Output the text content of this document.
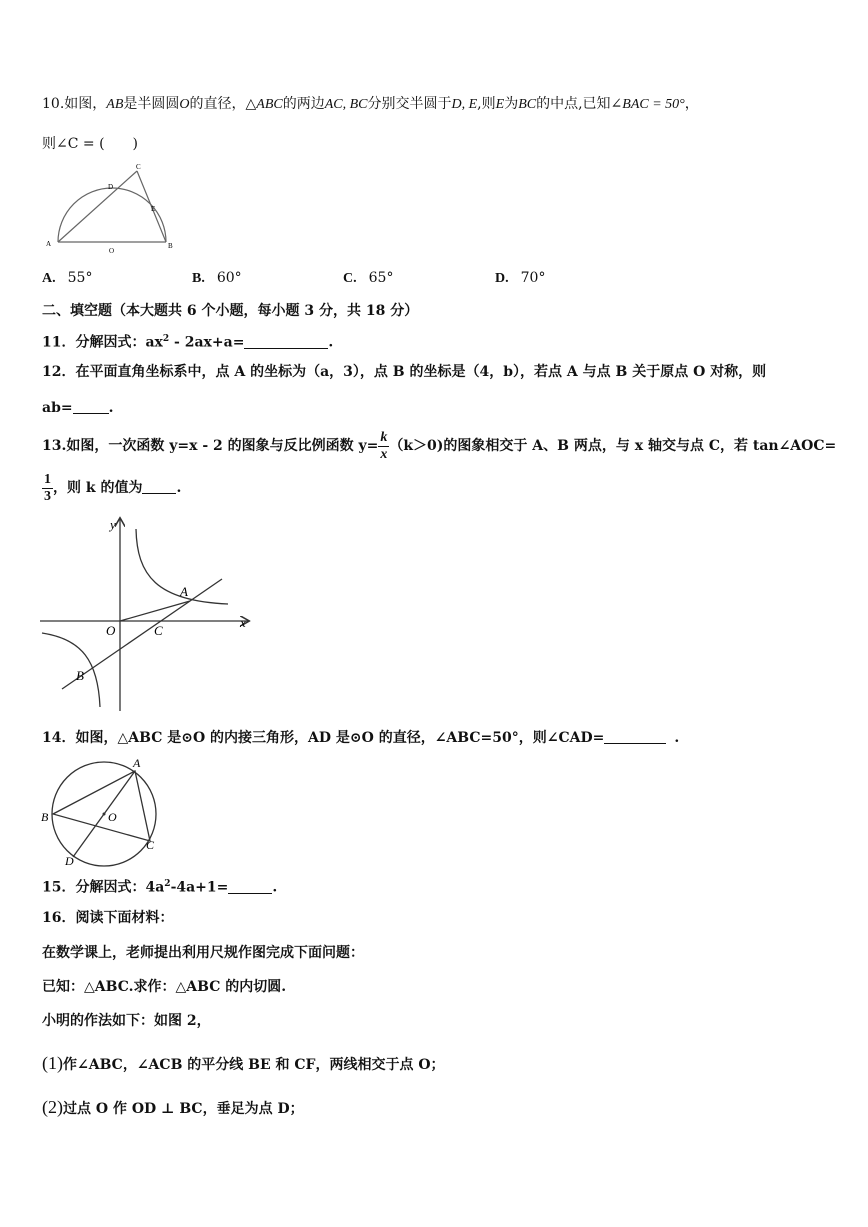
10.如图，AB是半圆圆O的直径，△ABC的两边AC, BC分别交半圆于D, E,则E为BC的中点,已知∠BAC = 50°，
则∠C = (　　)
A
O
B
D
C
E
A. 55°	B. 60°	C. 65°	D. 70°
二、填空题（本大题共 6 个小题，每小题 3 分，共 18 分）
11．分解因式：$ax^2 - 2ax+a=$	.
12．在平面直角坐标系中，点 A 的坐标为（a，3），点 B 的坐标是（4，b），若点 A 与点 B 关于原点 O 对称，则
ab=	.
13.如图，一次函数 y=x - 2 的图象与反比例函数 $y= \frac{k}{x} (k>0)$的图象相交于 A、B 两点，与 x 轴交与点 C，若 tan∠AOC=
$\frac{1}{3}$ ，则 k 的值为 .
y
x
O
A
B
C
14．如图，△ABC 是⊙O 的内接三角形，AD 是⊙O 的直径，∠ABC=50°，则∠CAD=	.
A
B
C
D
O
15．分解因式：$4a^2-4a+1=$	.
16．阅读下面材料：
在数学课上，老师提出利用尺规作图完成下面问题：
已知：△ABC.求作：△ABC 的内切圆.
小明的作法如下：如图 2，
(1)作∠ABC，∠ACB 的平分线 BE 和 CF，两线相交于点 O；
(2)过点 O 作 OD ⊥ BC，垂足为点 D；
